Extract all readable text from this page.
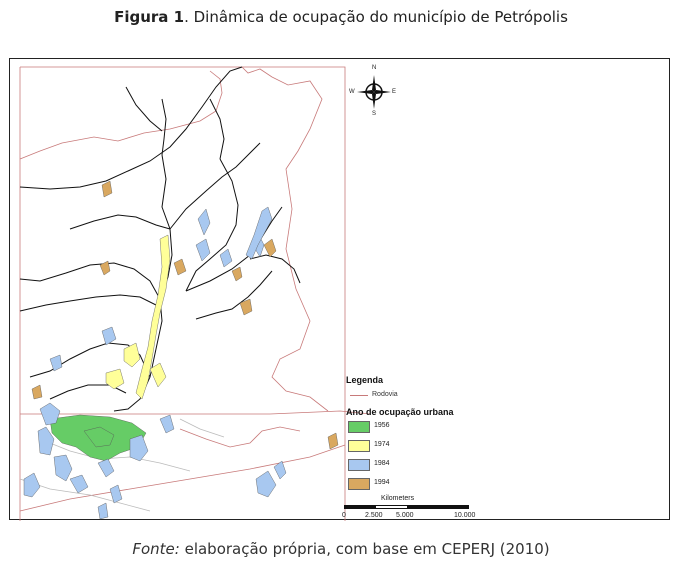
Figura 1. Dinâmica de ocupação do município de Petrópolis
N
S
E
W
Legenda
Rodovia
Ano de ocupação urbana
1956
1974
1984
1994
Kilometers
0	2.500 5.000	10.000
Fonte: elaboração própria, com base em CEPERJ (2010)
